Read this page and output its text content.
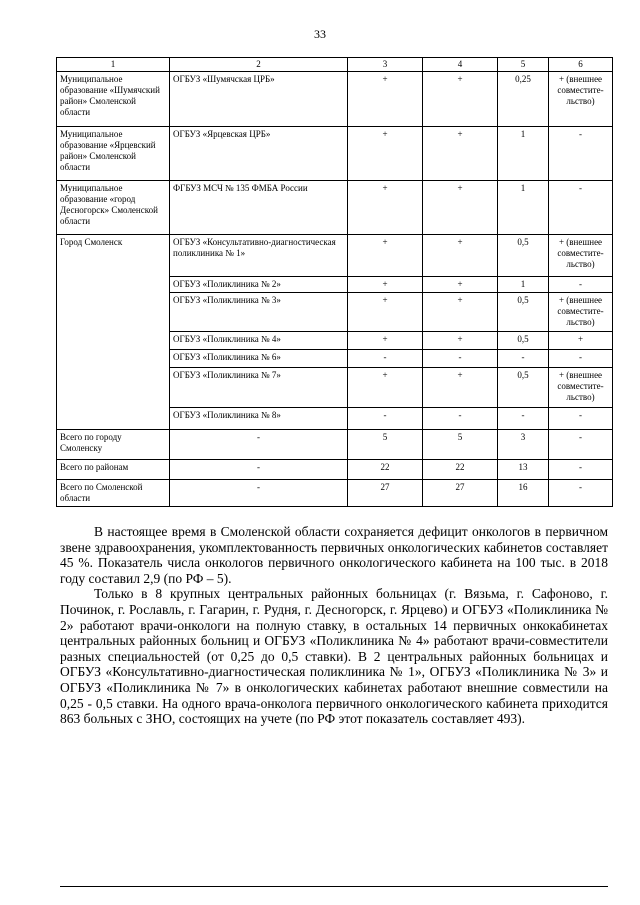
33
1	2	3	4	5	6
Муниципальное образование «Шумячский район» Смоленской области	ОГБУЗ «Шумячская ЦРБ»	+	+	0,25	+ (внешнее совместите-льство)
Муниципальное образование «Ярцевский район» Смоленской области	ОГБУЗ «Ярцевская ЦРБ»	+	+	1	-
Муниципальное образование «город Десногорск» Смоленской области	ФГБУЗ МСЧ № 135 ФМБА России	+	+	1	-
Город Смоленск	ОГБУЗ «Консультативно-диагностическая поликлиника № 1»	+	+	0,5	+ (внешнее совместите-льство)
	ОГБУЗ «Поликлиника № 2»	+	+	1	-
	ОГБУЗ «Поликлиника № 3»	+	+	0,5	+ (внешнее совместите-льство)
	ОГБУЗ «Поликлиника № 4»	+	+	0,5	+
	ОГБУЗ «Поликлиника № 6»	-	-	-	-
	ОГБУЗ «Поликлиника № 7»	+	+	0,5	+ (внешнее совместите-льство)
	ОГБУЗ «Поликлиника № 8»	-	-	-	-
Всего по городу Смоленску	-	5	5	3	-
Всего по районам	-	22	22	13	-
Всего по Смоленской области	-	27	27	16	-

В настоящее время в Смоленской области сохраняется дефицит онкологов в первичном звене здравоохранения, укомплектованность первичных онкологических кабинетов составляет 45 %. Показатель числа онкологов первичного онкологического кабинета на 100 тыс. в 2018 году составил 2,9 (по РФ – 5).

Только в 8 крупных центральных районных больницах (г. Вязьма, г. Сафоново, г. Починок, г. Рославль, г. Гагарин, г. Рудня, г. Десногорск, г. Ярцево) и ОГБУЗ «Поликлиника № 2» работают врачи-онкологи на полную ставку, в остальных 14 первичных онкокабинетах центральных районных больниц и ОГБУЗ «Поликлиника № 4» работают врачи-совместители разных специальностей (от 0,25 до 0,5 ставки). В 2 центральных районных больницах и ОГБУЗ «Консультативно-диагностическая поликлиника № 1», ОГБУЗ «Поликлиника № 3» и ОГБУЗ «Поликлиника № 7» в онкологических кабинетах работают внешние совместили на 0,25 - 0,5 ставки. На одного врача-онколога первичного онкологического кабинета приходится 863 больных с ЗНО, состоящих на учете (по РФ этот показатель составляет 493).
